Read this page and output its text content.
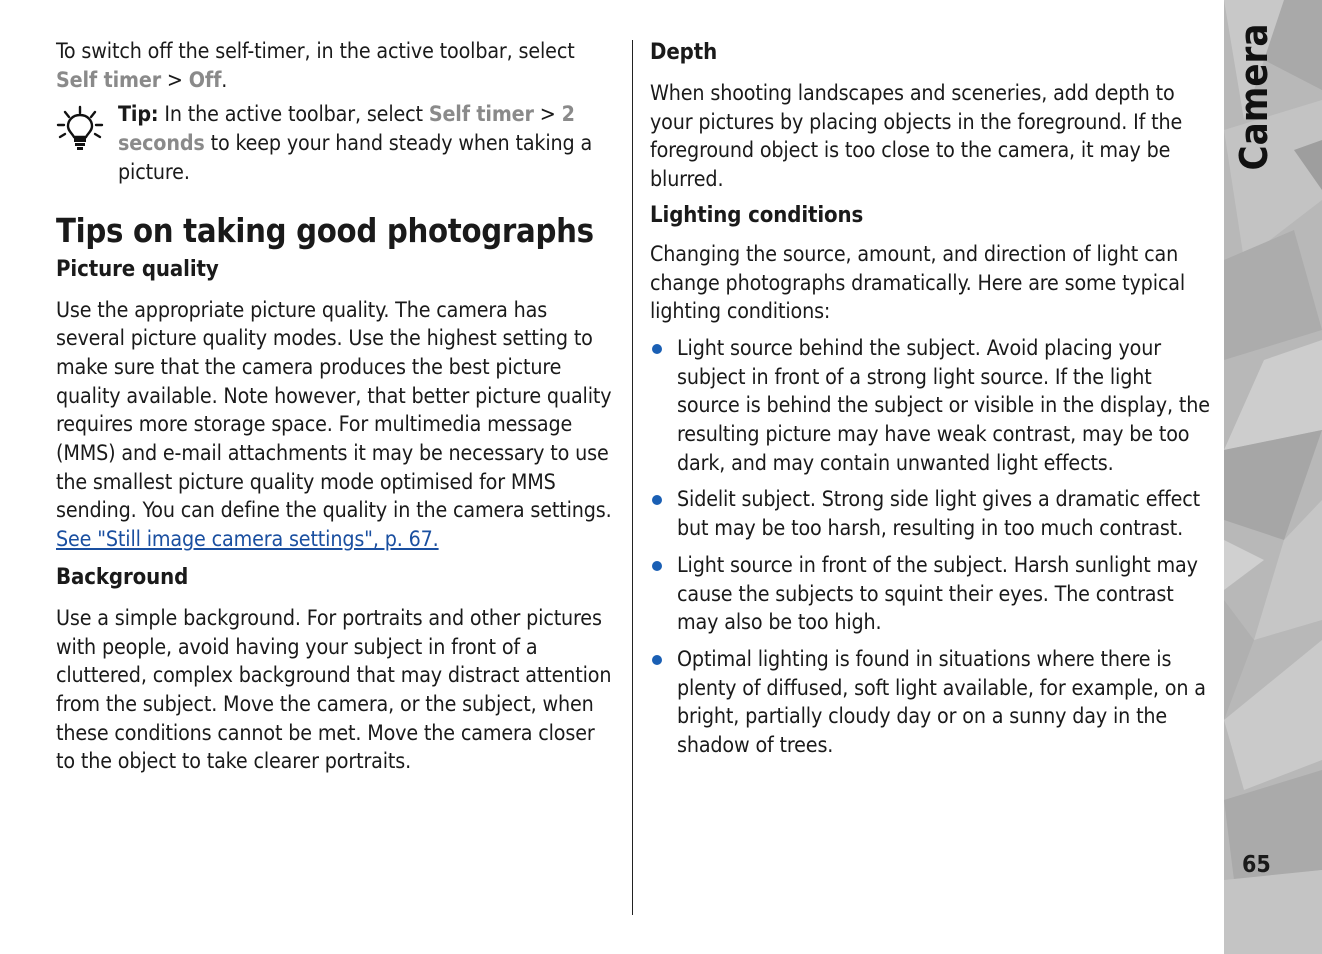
To switch off the self-timer, in the active toolbar, select Self timer > Off.

Tip: In the active toolbar, select Self timer > 2 seconds to keep your hand steady when taking a picture.

Tips on taking good photographs
Picture quality

Use the appropriate picture quality. The camera has several picture quality modes. Use the highest setting to make sure that the camera produces the best picture quality available. Note however, that better picture quality requires more storage space. For multimedia message (MMS) and e-mail attachments it may be necessary to use the smallest picture quality mode optimised for MMS sending. You can define the quality in the camera settings. See "Still image camera settings", p. 67.

Background

Use a simple background. For portraits and other pictures with people, avoid having your subject in front of a cluttered, complex background that may distract attention from the subject. Move the camera, or the subject, when these conditions cannot be met. Move the camera closer to the object to take clearer portraits.

Depth

When shooting landscapes and sceneries, add depth to your pictures by placing objects in the foreground. If the foreground object is too close to the camera, it may be blurred.

Lighting conditions

Changing the source, amount, and direction of light can change photographs dramatically. Here are some typical lighting conditions:

Light source behind the subject. Avoid placing your subject in front of a strong light source. If the light source is behind the subject or visible in the display, the resulting picture may have weak contrast, may be too dark, and may contain unwanted light effects.
Sidelit subject. Strong side light gives a dramatic effect but may be too harsh, resulting in too much contrast.
Light source in front of the subject. Harsh sunlight may cause the subjects to squint their eyes. The contrast may also be too high.
Optimal lighting is found in situations where there is plenty of diffused, soft light available, for example, on a bright, partially cloudy day or on a sunny day in the shadow of trees.
Camera
65
